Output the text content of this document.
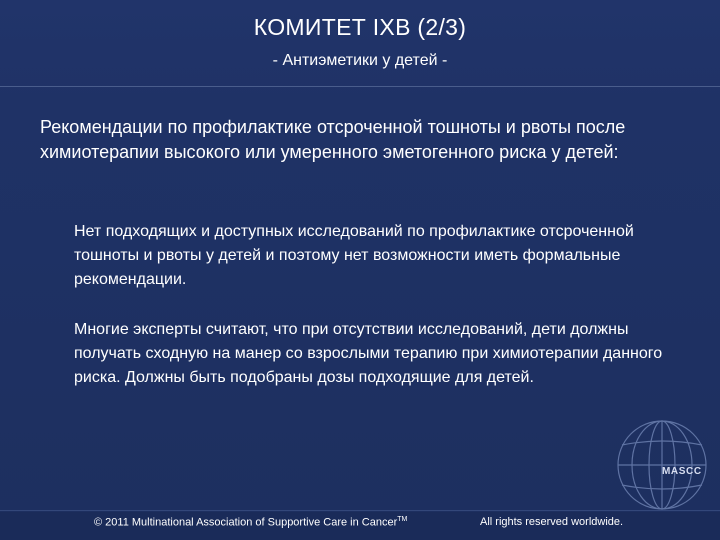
КОМИТЕТ IXB (2/3)
- Антиэметики у детей -
Рекомендации по профилактике отсроченной тошноты и рвоты после химиотерапии высокого или умеренного эметогенного риска у детей:
Нет подходящих и доступных исследований по профилактике отсроченной тошноты и рвоты у детей и поэтому нет возможности иметь формальные рекомендации.
Многие эксперты считают, что при отсутствии исследований, дети должны получать сходную на манер со взрослыми терапию при химиотерапии данного риска. Должны быть подобраны дозы подходящие для детей.
MASCC
© 2011 Multinational Association of Supportive Care in Cancer™	All rights reserved worldwide.
